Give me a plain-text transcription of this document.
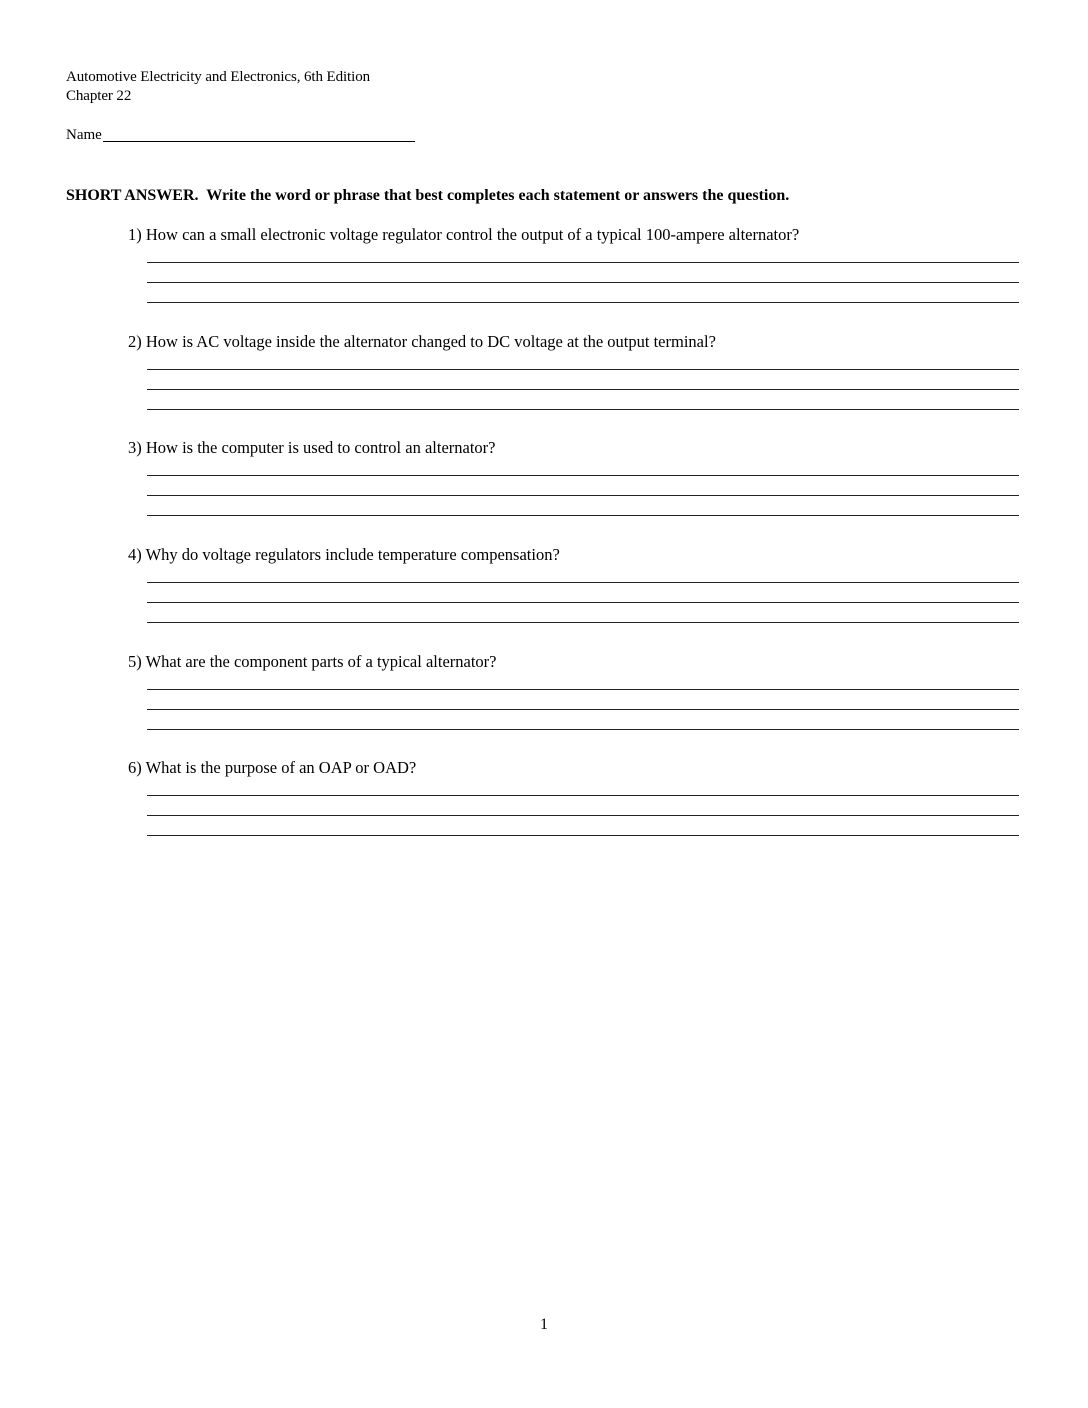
Automotive Electricity and Electronics, 6th Edition
Chapter 22
Name
SHORT ANSWER. Write the word or phrase that best completes each statement or answers the question.
1) How can a small electronic voltage regulator control the output of a typical 100-ampere alternator?
2) How is AC voltage inside the alternator changed to DC voltage at the output terminal?
3) How is the computer is used to control an alternator?
4) Why do voltage regulators include temperature compensation?
5) What are the component parts of a typical alternator?
6) What is the purpose of an OAP or OAD?
1
